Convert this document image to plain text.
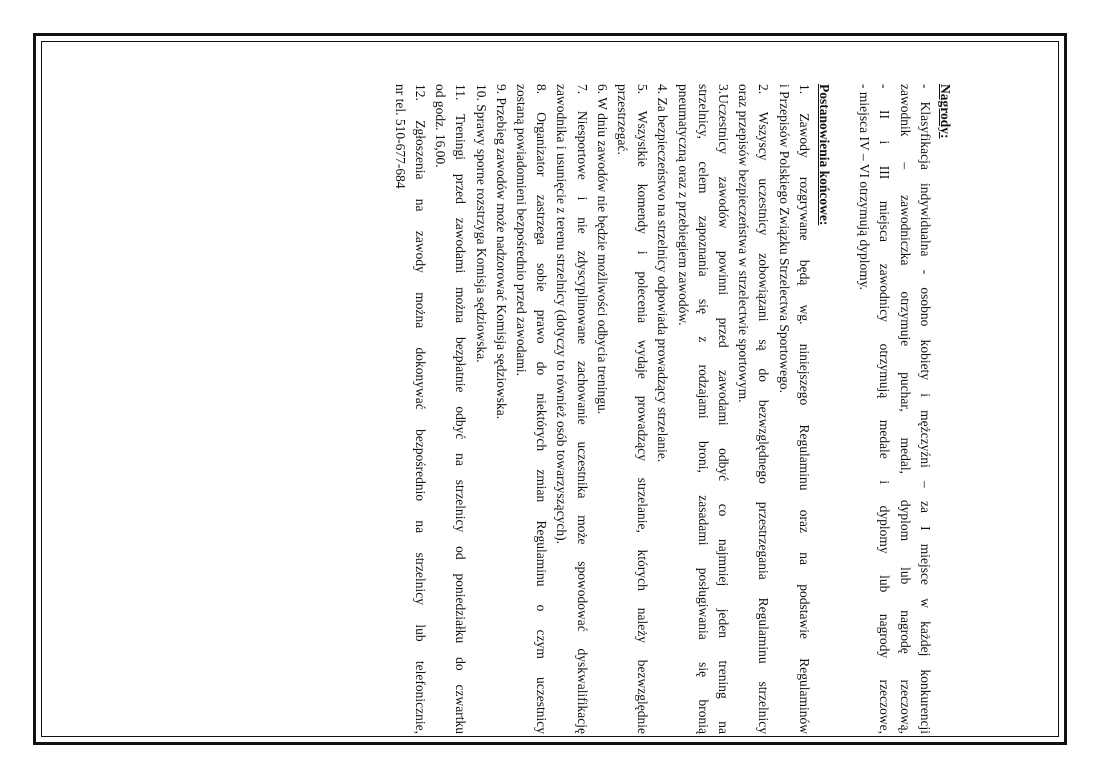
Nagrody:

- Klasyfikacja indywidualna - osobno kobiety i mężczyźni – za I miejsce w każdej konkurencji

zawodnik – zawodniczka otrzymuje puchar, medal, dyplom lub nagrodę rzeczową,

- II i III miejsca zawodnicy otrzymują medale i dyplomy lub nagrody rzeczowe,

- miejsca IV – VI otrzymują dyplomy.

Postanowienia końcowe:

1. Zawody rozgrywane będą wg. niniejszego Regulaminu oraz na podstawie Regulaminów

i Przepisów Polskiego Związku Strzelectwa Sportowego.

2. Wszyscy uczestnicy zobowiązani są do bezwzględnego przestrzegania Regulaminu strzelnicy

oraz przepisów bezpieczeństwa w strzelectwie sportowym.

3.Uczestnicy zawodów powinni przed zawodami odbyć co najmniej jeden trening na

strzelnicy, celem zapoznania się z rodzajami broni, zasadami posługiwania się bronią

pneumatyczną oraz z przebiegiem zawodów.

4. Za bezpieczeństwo na strzelnicy odpowiada prowadzący strzelanie.

5. Wszystkie komendy i polecenia wydaje prowadzący strzelanie, których należy bezwzględnie

przestrzegać.

6. W dniu zawodów nie będzie możliwości odbycia treningu.

7. Niesportowe i nie zdyscyplinowane zachowanie uczestnika może spowodować dyskwalifikację

zawodnika i usunięcie z terenu strzelnicy (dotyczy to również osób towarzyszących).

8. Organizator zastrzega sobie prawo do niektórych zmian Regulaminu o czym uczestnicy

zostaną powiadomieni bezpośrednio przed zawodami.

9. Przebieg zawodów może nadzorować Komisja sędziowska.

10. Sprawy sporne rozstrzyga Komisja sędziowska.

11. Treningi przed zawodami można bezpłatnie odbyć na strzelnicy od poniedziałku do czwartku

od godz. 16,00.

12. Zgłoszenia na zawody można dokonywać bezpośrednio na strzelnicy lub telefonicznie,

nr tel. 510-677-684
